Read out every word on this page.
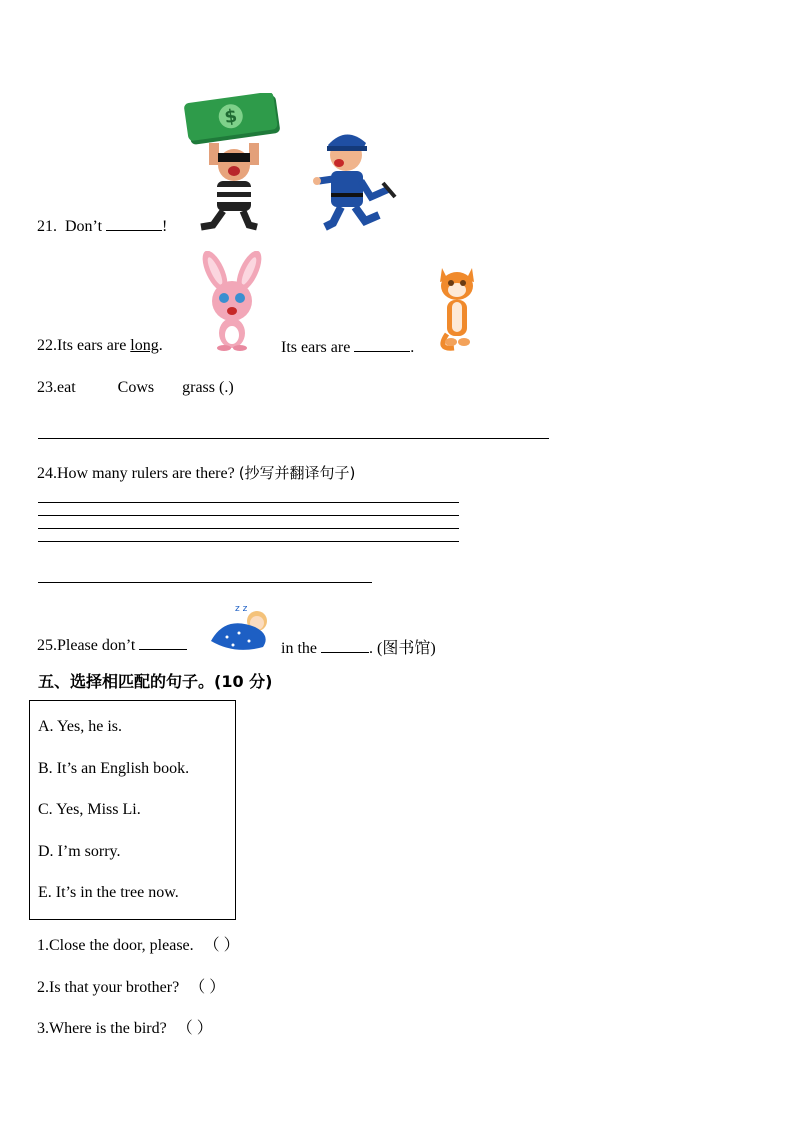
$
21. Don’t	!
22.Its ears are long.	Its ears are	.
23.eat	Cows grass (.)
24.How many rulers are there? (抄写并翻译句子)
z z
25.Please don’t	in the	. (图书馆)
五、选择相匹配的句子。(10 分)
A. Yes, he is.
B. It’s an English book.
C. Yes, Miss Li.
D. I’m sorry.
E. It’s in the tree now.
1.Close the door, please. （ ）
2.Is that your brother? （ ）
3.Where is the bird? （ ）
